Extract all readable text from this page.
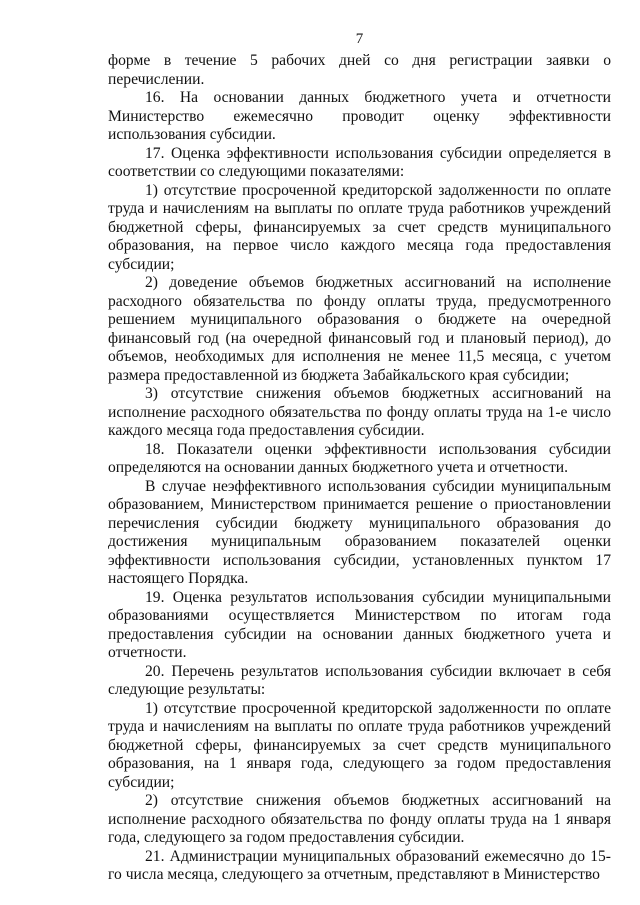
7

форме в течение 5 рабочих дней со дня регистрации заявки о перечислении.

16. На основании данных бюджетного учета и отчетности Министерство ежемесячно проводит оценку эффективности использования субсидии.

17. Оценка эффективности использования субсидии определяется в соответствии со следующими показателями:

1) отсутствие просроченной кредиторской задолженности по оплате труда и начислениям на выплаты по оплате труда работников учреждений бюджетной сферы, финансируемых за счет средств муниципального образования, на первое число каждого месяца года предоставления субсидии;

2) доведение объемов бюджетных ассигнований на исполнение расходного обязательства по фонду оплаты труда, предусмотренного решением муниципального образования о бюджете на очередной финансовый год (на очередной финансовый год и плановый период), до объемов, необходимых для исполнения не менее 11,5 месяца, с учетом размера предоставленной из бюджета Забайкальского края субсидии;

3) отсутствие снижения объемов бюджетных ассигнований на исполнение расходного обязательства по фонду оплаты труда на 1-е число каждого месяца года предоставления субсидии.

18. Показатели оценки эффективности использования субсидии определяются на основании данных бюджетного учета и отчетности.

В случае неэффективного использования субсидии муниципальным образованием, Министерством принимается решение о приостановлении перечисления субсидии бюджету муниципального образования до достижения муниципальным образованием показателей оценки эффективности использования субсидии, установленных пунктом 17 настоящего Порядка.

19. Оценка результатов использования субсидии муниципальными образованиями осуществляется Министерством по итогам года предоставления субсидии на основании данных бюджетного учета и отчетности.

20. Перечень результатов использования субсидии включает в себя следующие результаты:

1) отсутствие просроченной кредиторской задолженности по оплате труда и начислениям на выплаты по оплате труда работников учреждений бюджетной сферы, финансируемых за счет средств муниципального образования, на 1 января года, следующего за годом предоставления субсидии;

2) отсутствие снижения объемов бюджетных ассигнований на исполнение расходного обязательства по фонду оплаты труда на 1 января года, следующего за годом предоставления субсидии.

21. Администрации муниципальных образований ежемесячно до 15-го числа месяца, следующего за отчетным, представляют в Министерство
